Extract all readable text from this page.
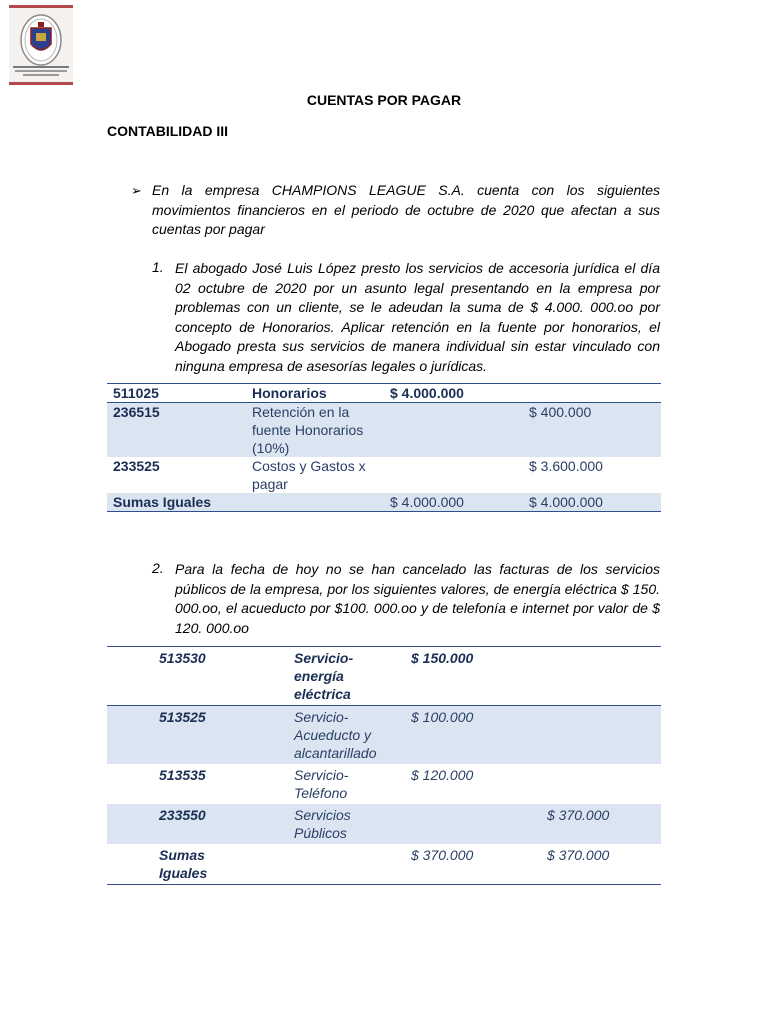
CUENTAS POR PAGAR
CONTABILIDAD III
➢ En la empresa CHAMPIONS LEAGUE S.A. cuenta con los siguientes movimientos financieros en el periodo de octubre de 2020 que afectan a sus cuentas por pagar
1. El abogado José Luis López presto los servicios de accesoria jurídica el día 02 octubre de 2020 por un asunto legal presentando en la empresa por problemas con un cliente, se le adeudan la suma de $ 4.000. 000.oo por concepto de Honorarios. Aplicar retención en la fuente por honorarios, el Abogado presta sus servicios de manera individual sin estar vinculado con ninguna empresa de asesorías legales o jurídicas.
511025	Honorarios	$ 4.000.000	
236515	Retención en la fuente Honorarios (10%)		$ 400.000
233525	Costos y Gastos x pagar		$ 3.600.000
Sumas Iguales		$ 4.000.000	$ 4.000.000
2. Para la fecha de hoy no se han cancelado las facturas de los servicios públicos de la empresa, por los siguientes valores, de energía eléctrica $ 150. 000.oo, el acueducto por $100. 000.oo y de telefonía e internet por valor de $ 120. 000.oo
513530	Servicio-energía eléctrica	$ 150.000	
513525	Servicio-Acueducto y alcantarillado	$ 100.000	
513535	Servicio-Teléfono	$ 120.000	
233550	Servicios Públicos		$ 370.000
Sumas Iguales		$ 370.000	$ 370.000
